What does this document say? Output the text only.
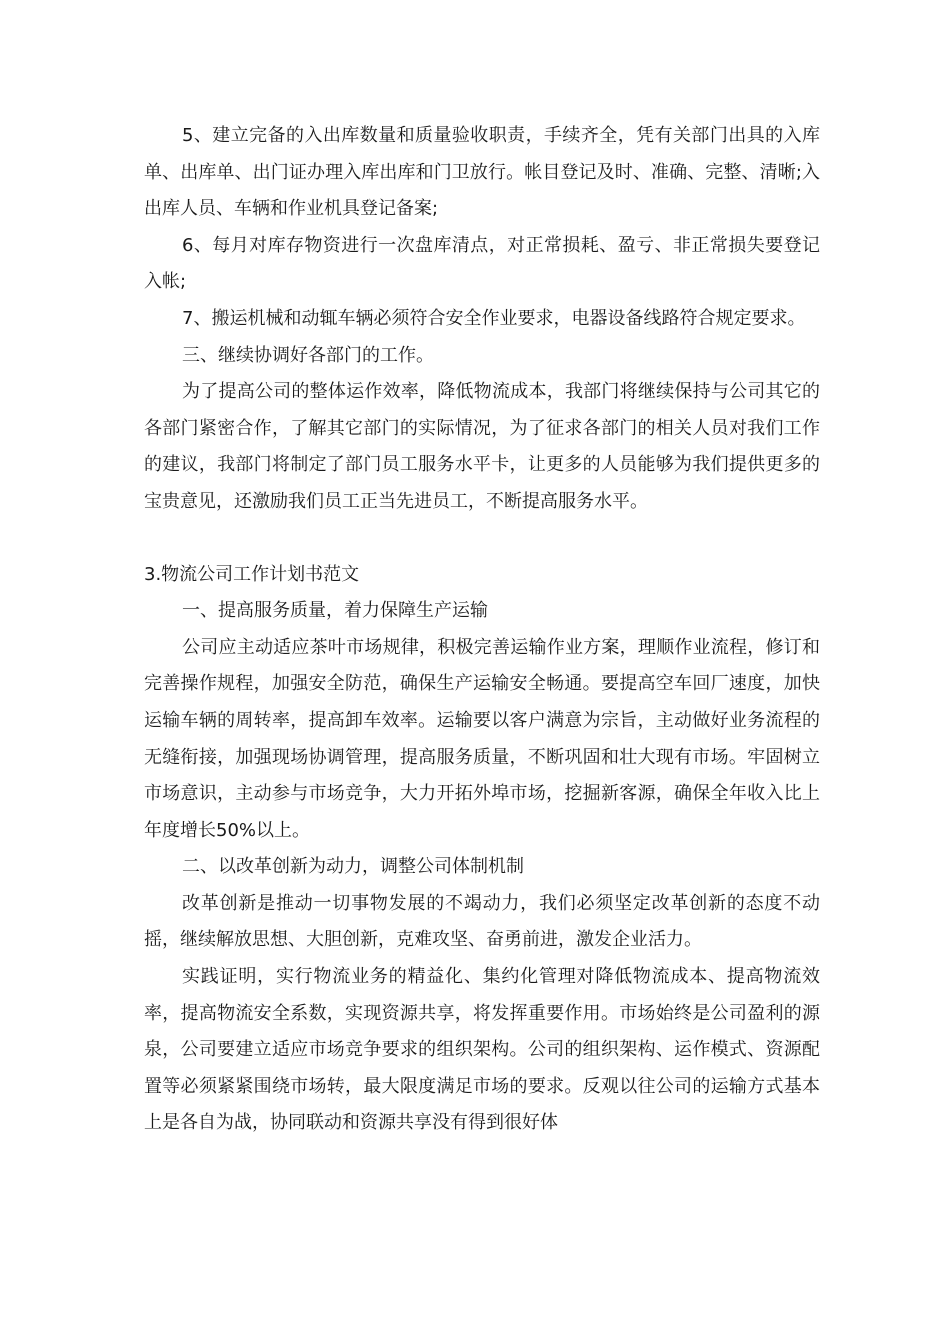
5、建立完备的入出库数量和质量验收职责，手续齐全，凭有关部门出具的入库单、出库单、出门证办理入库出库和门卫放行。帐目登记及时、准确、完整、清晰;入出库人员、车辆和作业机具登记备案;

6、每月对库存物资进行一次盘库清点，对正常损耗、盈亏、非正常损失要登记入帐;

7、搬运机械和动辄车辆必须符合安全作业要求，电器设备线路符合规定要求。

三、继续协调好各部门的工作。

为了提高公司的整体运作效率，降低物流成本，我部门将继续保持与公司其它的各部门紧密合作，了解其它部门的实际情况，为了征求各部门的相关人员对我们工作的建议，我部门将制定了部门员工服务水平卡，让更多的人员能够为我们提供更多的宝贵意见，还激励我们员工正当先进员工，不断提高服务水平。

3.物流公司工作计划书范文

一、提高服务质量，着力保障生产运输

公司应主动适应茶叶市场规律，积极完善运输作业方案，理顺作业流程，修订和完善操作规程，加强安全防范，确保生产运输安全畅通。要提高空车回厂速度，加快运输车辆的周转率，提高卸车效率。运输要以客户满意为宗旨，主动做好业务流程的无缝衔接，加强现场协调管理，提高服务质量，不断巩固和壮大现有市场。牢固树立市场意识，主动参与市场竞争，大力开拓外埠市场，挖掘新客源，确保全年收入比上年度增长50%以上。

二、以改革创新为动力，调整公司体制机制

改革创新是推动一切事物发展的不竭动力，我们必须坚定改革创新的态度不动摇，继续解放思想、大胆创新，克难攻坚、奋勇前进，激发企业活力。

实践证明，实行物流业务的精益化、集约化管理对降低物流成本、提高物流效率，提高物流安全系数，实现资源共享，将发挥重要作用。市场始终是公司盈利的源泉，公司要建立适应市场竞争要求的组织架构。公司的组织架构、运作模式、资源配置等必须紧紧围绕市场转，最大限度满足市场的要求。反观以往公司的运输方式基本上是各自为战，协同联动和资源共享没有得到很好体
